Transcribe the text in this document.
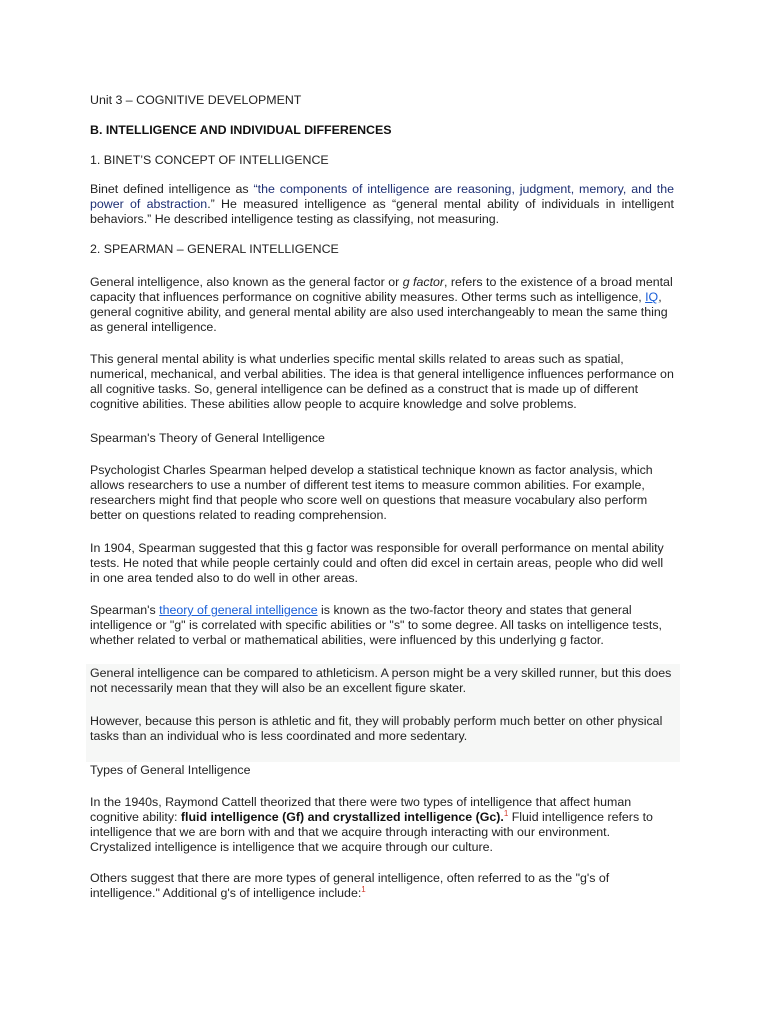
Unit 3 – COGNITIVE DEVELOPMENT

B. INTELLIGENCE AND INDIVIDUAL DIFFERENCES

1. BINET’S CONCEPT OF INTELLIGENCE

Binet defined intelligence as “the components of intelligence are reasoning, judgment, memory, and the power of abstraction.” He measured intelligence as “general mental ability of individuals in intelligent behaviors.” He described intelligence testing as classifying, not measuring.

2. SPEARMAN – GENERAL INTELLIGENCE

General intelligence, also known as the general factor or g factor, refers to the existence of a broad mental capacity that influences performance on cognitive ability measures. Other terms such as intelligence, IQ, general cognitive ability, and general mental ability are also used interchangeably to mean the same thing as general intelligence.

This general mental ability is what underlies specific mental skills related to areas such as spatial, numerical, mechanical, and verbal abilities. The idea is that general intelligence influences performance on all cognitive tasks. So, general intelligence can be defined as a construct that is made up of different cognitive abilities. These abilities allow people to acquire knowledge and solve problems.

Spearman's Theory of General Intelligence

Psychologist Charles Spearman helped develop a statistical technique known as factor analysis, which allows researchers to use a number of different test items to measure common abilities. For example, researchers might find that people who score well on questions that measure vocabulary also perform better on questions related to reading comprehension.

In 1904, Spearman suggested that this g factor was responsible for overall performance on mental ability tests. He noted that while people certainly could and often did excel in certain areas, people who did well in one area tended also to do well in other areas.

Spearman's theory of general intelligence is known as the two-factor theory and states that general intelligence or "g" is correlated with specific abilities or "s" to some degree. All tasks on intelligence tests, whether related to verbal or mathematical abilities, were influenced by this underlying g factor.

General intelligence can be compared to athleticism. A person might be a very skilled runner, but this does not necessarily mean that they will also be an excellent figure skater.

However, because this person is athletic and fit, they will probably perform much better on other physical tasks than an individual who is less coordinated and more sedentary.

Types of General Intelligence

In the 1940s, Raymond Cattell theorized that there were two types of intelligence that affect human cognitive ability: fluid intelligence (Gf) and crystallized intelligence (Gc).$^1$ Fluid intelligence refers to intelligence that we are born with and that we acquire through interacting with our environment. Crystalized intelligence is intelligence that we acquire through our culture.

Others suggest that there are more types of general intelligence, often referred to as the "g's of intelligence." Additional g's of intelligence include:$^1$
